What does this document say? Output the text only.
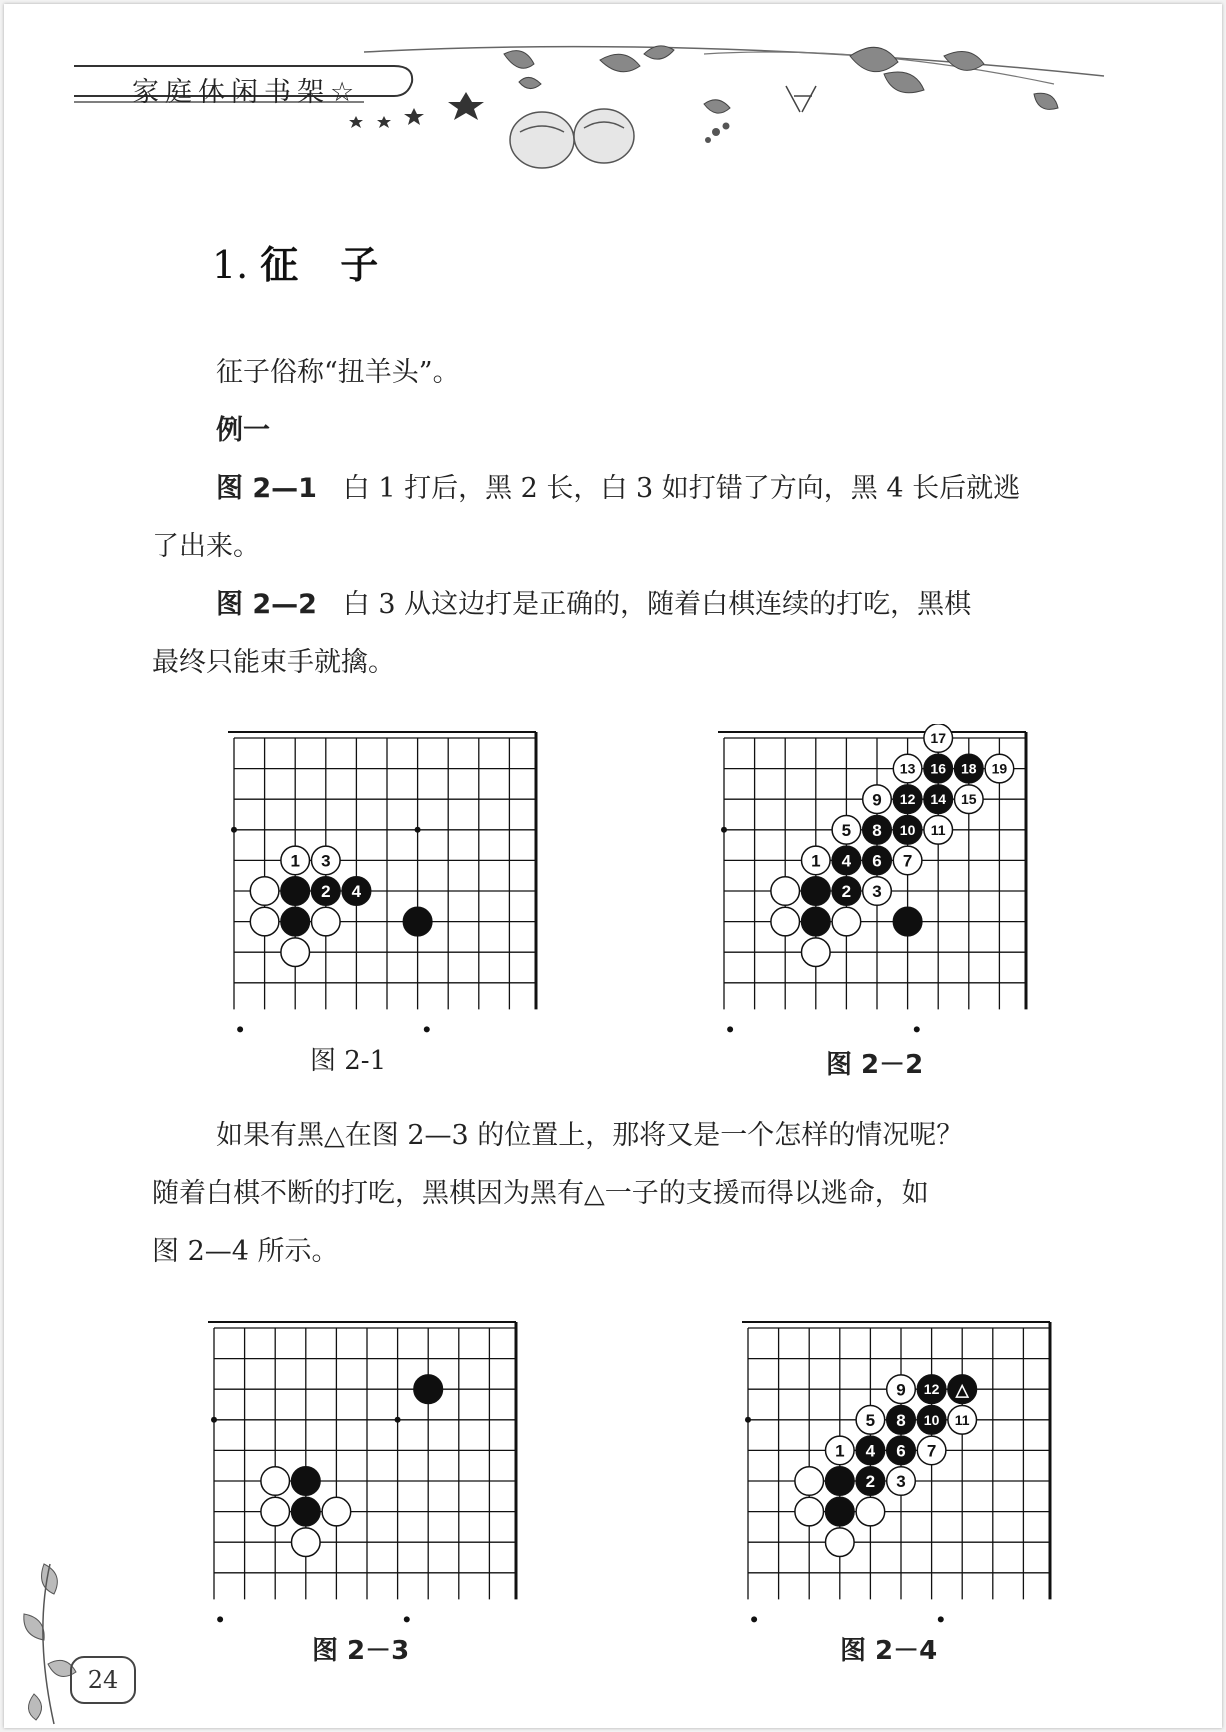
家庭休闲书架☆
1. 征 子
征子俗称“扭羊头”。
例一
图 2—1 白 1 打后，黑 2 长，白 3 如打错了方向，黑 4 长后就逃
了出来。
图 2—2 白 3 从这边打是正确的，随着白棋连续的打吃，黑棋
最终只能束手就擒。
1 3
2 4
图 2-1
17
13 16 18 19
9 12 14 15
5 8 10 11
1 4 6 7
2 3
图 2－2
如果有黑△在图 2—3 的位置上，那将又是一个怎样的情况呢？
随着白棋不断的打吃，黑棋因为黑有△一子的支援而得以逃命，如
图 2—4 所示。
图 2－3
9 12 △
5 8 10 11
1 4 6 7
2 3
图 2－4
24
